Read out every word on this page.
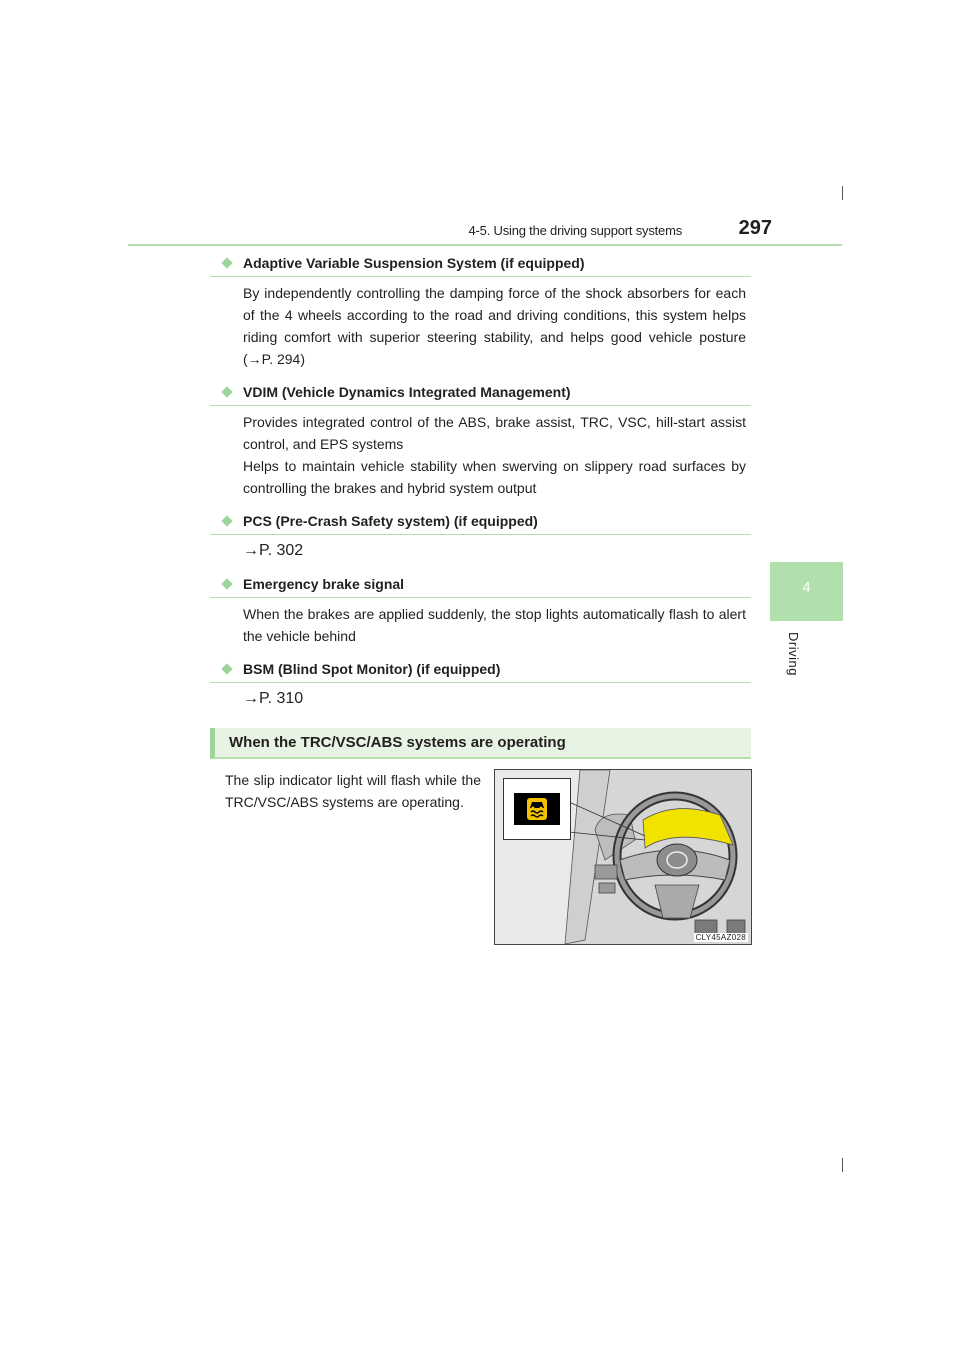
4-5. Using the driving support systems	297
4
Driving
Adaptive Variable Suspension System (if equipped)
By independently controlling the damping force of the shock absorbers for each of the 4 wheels according to the road and driving conditions, this system helps riding comfort with superior steering stability, and helps good vehicle posture (→P. 294)
VDIM (Vehicle Dynamics Integrated Management)
Provides integrated control of the ABS, brake assist, TRC, VSC, hill-start assist control, and EPS systems
Helps to maintain vehicle stability when swerving on slippery road surfaces by controlling the brakes and hybrid system output
PCS (Pre-Crash Safety system) (if equipped)
→P. 302
Emergency brake signal
When the brakes are applied suddenly, the stop lights automatically flash to alert the vehicle behind
BSM (Blind Spot Monitor) (if equipped)
→P. 310
When the TRC/VSC/ABS systems are operating
The slip indicator light will flash while the TRC/VSC/ABS systems are operating.
CLY45AZ028
